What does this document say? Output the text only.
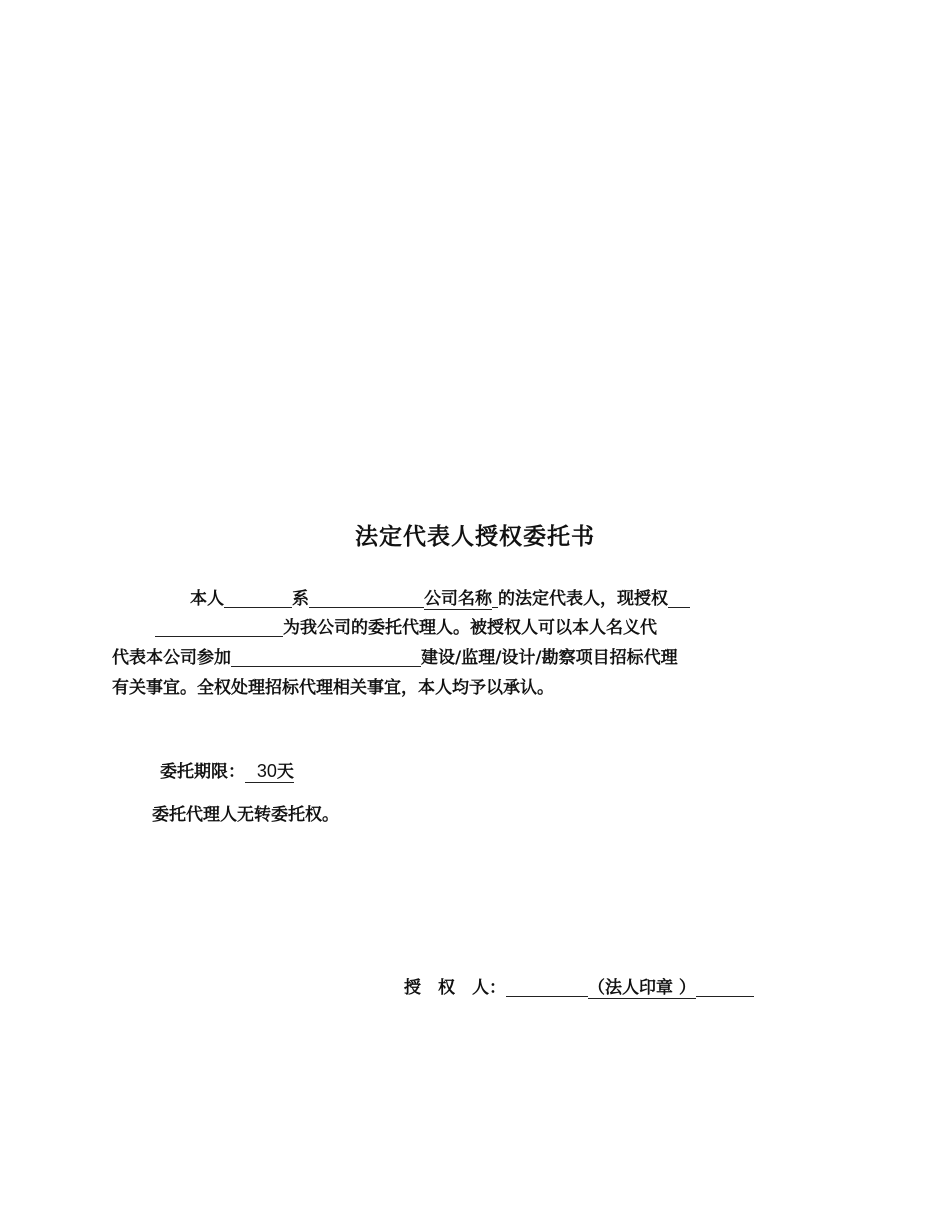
法定代表人授权委托书
本人	系	公司名称 的法定代表人，现授权
为我公司的委托代理人。被授权人可以本人名义代
代表本公司参加	建设/监理/设计/勘察项目招标代理
有关事宜。全权处理招标代理相关事宜，本人均予以承认。
委托期限： 30天
委托代理人无转委托权。
授　权　人：	（法人印章 ）
